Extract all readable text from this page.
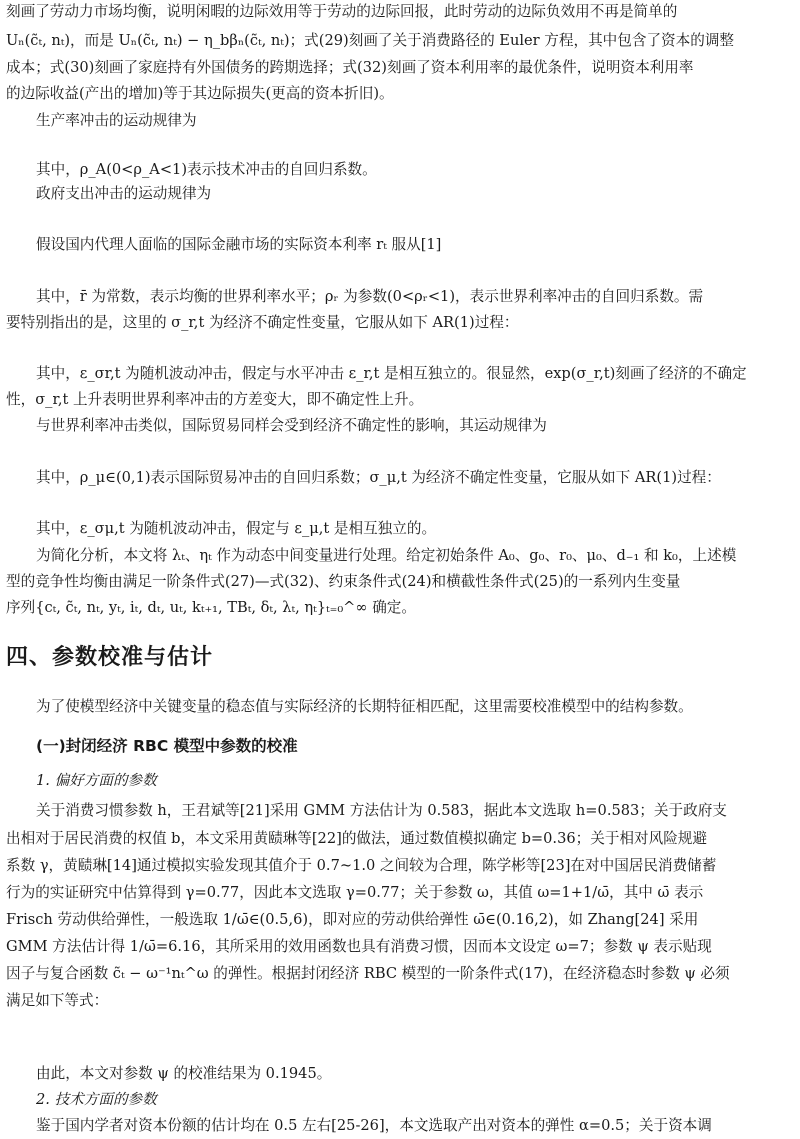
刻画了劳动力市场均衡，说明闲暇的边际效用等于劳动的边际回报，此时劳动的边际负效用不再是简单的
Uₙ(c̃ₜ, nₜ)，而是 Uₙ(c̃ₜ, nₜ) − η_bβₙ(c̃ₜ, nₜ)；式(29)刻画了关于消费路径的 Euler 方程，其中包含了资本的调整
成本；式(30)刻画了家庭持有外国债务的跨期选择；式(32)刻画了资本利用率的最优条件，说明资本利用率
的边际收益(产出的增加)等于其边际损失(更高的资本折旧)。
生产率冲击的运动规律为
其中，ρ_A(0<ρ_A<1)表示技术冲击的自回归系数。
政府支出冲击的运动规律为
假设国内代理人面临的国际金融市场的实际资本利率 rₜ 服从[1]
其中，r̄ 为常数，表示均衡的世界利率水平；ρᵣ 为参数(0<ρᵣ<1)，表示世界利率冲击的自回归系数。需
要特别指出的是，这里的 σ_r,t 为经济不确定性变量，它服从如下 AR(1)过程：
其中，ε_σr,t 为随机波动冲击，假定与水平冲击 ε_r,t 是相互独立的。很显然，exp(σ_r,t)刻画了经济的不确定
性，σ_r,t 上升表明世界利率冲击的方差变大，即不确定性上升。
与世界利率冲击类似，国际贸易同样会受到经济不确定性的影响，其运动规律为
其中，ρ_μ∈(0,1)表示国际贸易冲击的自回归系数；σ_μ,t 为经济不确定性变量，它服从如下 AR(1)过程：
其中，ε_σμ,t 为随机波动冲击，假定与 ε_μ,t 是相互独立的。
为简化分析，本文将 λₜ、ηₜ 作为动态中间变量进行处理。给定初始条件 A₀、g₀、r₀、μ₀、d₋₁ 和 k₀，上述模
型的竞争性均衡由满足一阶条件式(27)—式(32)、约束条件式(24)和横截性条件式(25)的一系列内生变量
序列{cₜ, c̃ₜ, nₜ, yₜ, iₜ, dₜ, uₜ, kₜ₊₁, TBₜ, δₜ, λₜ, ηₜ}ₜ₌₀^∞ 确定。
四、参数校准与估计
为了使模型经济中关键变量的稳态值与实际经济的长期特征相匹配，这里需要校准模型中的结构参数。
(一)封闭经济 RBC 模型中参数的校准
1. 偏好方面的参数
关于消费习惯参数 h，王君斌等[21]采用 GMM 方法估计为 0.583，据此本文选取 h=0.583；关于政府支
出相对于居民消费的权值 b，本文采用黄赜琳等[22]的做法，通过数值模拟确定 b=0.36；关于相对风险规避
系数 γ，黄赜琳[14]通过模拟实验发现其值介于 0.7~1.0 之间较为合理，陈学彬等[23]在对中国居民消费储蓄
行为的实证研究中估算得到 γ=0.77，因此本文选取 γ=0.77；关于参数 ω，其值 ω=1+1/ω̄，其中 ω̄ 表示
Frisch 劳动供给弹性，一般选取 1/ω̄∈(0.5,6)，即对应的劳动供给弹性 ω̄∈(0.16,2)，如 Zhang[24] 采用
GMM 方法估计得 1/ω̄=6.16，其所采用的效用函数也具有消费习惯，因而本文设定 ω=7；参数 ψ 表示贴现
因子与复合函数 c̃ₜ − ω⁻¹nₜ^ω 的弹性。根据封闭经济 RBC 模型的一阶条件式(17)，在经济稳态时参数 ψ 必须
满足如下等式：
由此，本文对参数 ψ 的校准结果为 0.1945。
2. 技术方面的参数
鉴于国内学者对资本份额的估计均在 0.5 左右[25-26]，本文选取产出对资本的弹性 α=0.5；关于资本调
